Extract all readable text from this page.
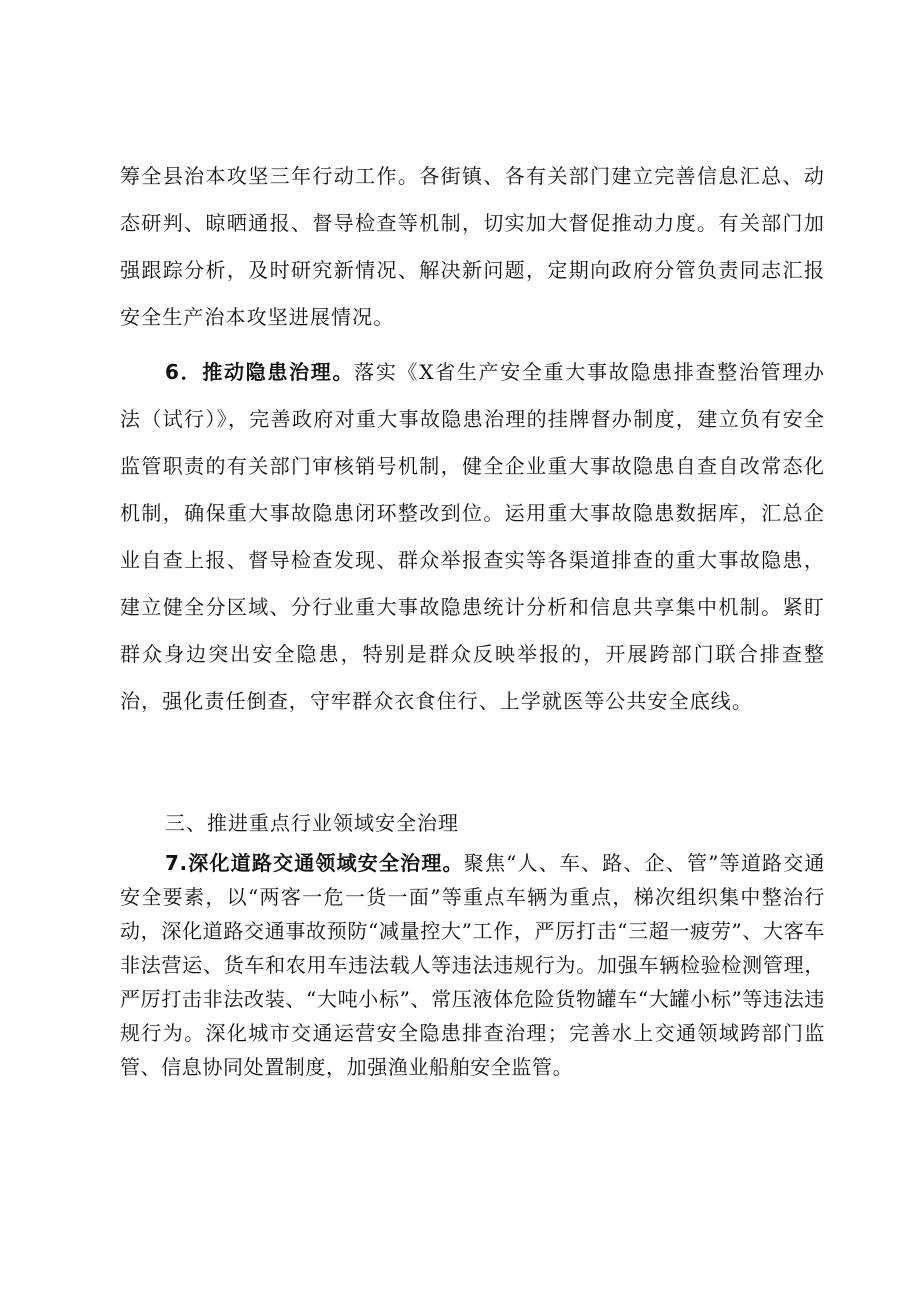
筹全县治本攻坚三年行动工作。各街镇、各有关部门建立完善信息汇总、动态研判、晾晒通报、督导检查等机制，切实加大督促推动力度。有关部门加强跟踪分析，及时研究新情况、解决新问题，定期向政府分管负责同志汇报安全生产治本攻坚进展情况。

6．推动隐患治理。落实《X省生产安全重大事故隐患排查整治管理办法（试行）》，完善政府对重大事故隐患治理的挂牌督办制度，建立负有安全监管职责的有关部门审核销号机制，健全企业重大事故隐患自查自改常态化机制，确保重大事故隐患闭环整改到位。运用重大事故隐患数据库，汇总企业自查上报、督导检查发现、群众举报查实等各渠道排查的重大事故隐患，建立健全分区域、分行业重大事故隐患统计分析和信息共享集中机制。紧盯群众身边突出安全隐患，特别是群众反映举报的，开展跨部门联合排查整治，强化责任倒查，守牢群众衣食住行、上学就医等公共安全底线。

三、推进重点行业领域安全治理

7.深化道路交通领域安全治理。聚焦“人、车、路、企、管”等道路交通安全要素，以“两客一危一货一面”等重点车辆为重点，梯次组织集中整治行动，深化道路交通事故预防“减量控大”工作，严厉打击“三超一疲劳”、大客车非法营运、货车和农用车违法载人等违法违规行为。加强车辆检验检测管理，严厉打击非法改装、“大吨小标”、常压液体危险货物罐车“大罐小标”等违法违规行为。深化城市交通运营安全隐患排查治理；完善水上交通领域跨部门监管、信息协同处置制度，加强渔业船舶安全监管。
